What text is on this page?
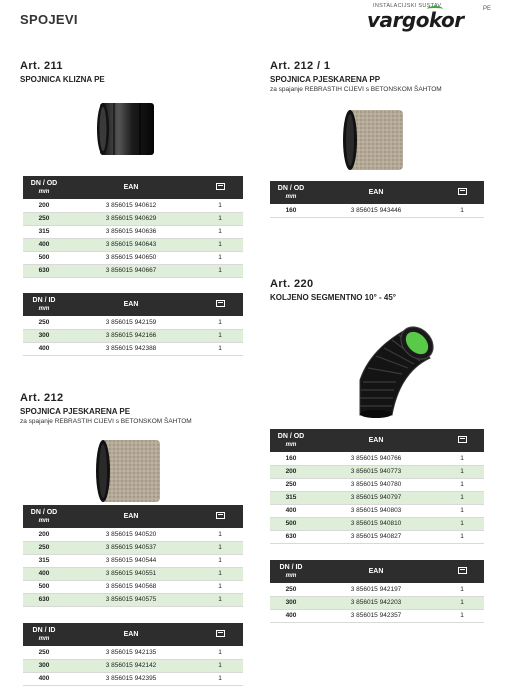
SPOJEVI
INSTALACIJSKI SUSTAV
vargokor	PE
Art. 211
SPOJNICA KLIZNA PE
DN / OD
mm	EAN	
200	3 856015 940612	1
250	3 856015 940629	1
315	3 856015 940636	1
400	3 856015 940643	1
500	3 856015 940650	1
630	3 856015 940667	1
DN / ID
mm	EAN	
250	3 856015 942159	1
300	3 856015 942166	1
400	3 856015 942388	1
Art. 212
SPOJNICA PJESKARENA PE
za spajanje REBRASTIH CIJEVI s BETONSKOM ŠAHTOM
DN / OD
mm	EAN	
200	3 856015 940520	1
250	3 856015 940537	1
315	3 856015 940544	1
400	3 856015 940551	1
500	3 856015 940568	1
630	3 856015 940575	1
DN / ID
mm	EAN	
250	3 856015 942135	1
300	3 856015 942142	1
400	3 856015 942395	1
Art. 212 / 1
SPOJNICA PJESKARENA PP
za spajanje REBRASTIH CIJEVI s BETONSKOM ŠAHTOM
DN / OD
mm	EAN	
160	3 856015 943446	1
Art. 220
KOLJENO SEGMENTNO 10° - 45°
DN / OD
mm	EAN	
160	3 856015 940766	1
200	3 856015 940773	1
250	3 856015 940780	1
315	3 856015 940797	1
400	3 856015 940803	1
500	3 856015 940810	1
630	3 856015 940827	1
DN / ID
mm	EAN	
250	3 856015 942197	1
300	3 856015 942203	1
400	3 856015 942357	1
